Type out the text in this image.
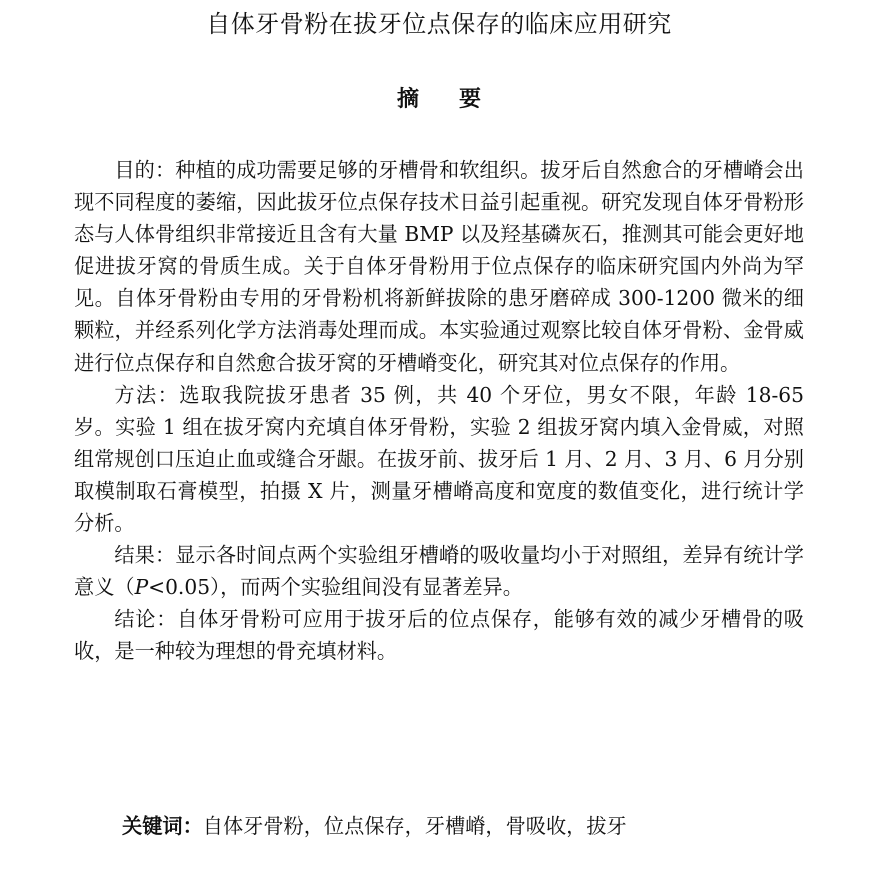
自体牙骨粉在拔牙位点保存的临床应用研究
摘要

目的：种植的成功需要足够的牙槽骨和软组织。拔牙后自然愈合的牙槽嵴会出现不同程度的萎缩，因此拔牙位点保存技术日益引起重视。研究发现自体牙骨粉形态与人体骨组织非常接近且含有大量 BMP 以及羟基磷灰石，推测其可能会更好地促进拔牙窝的骨质生成。关于自体牙骨粉用于位点保存的临床研究国内外尚为罕见。自体牙骨粉由专用的牙骨粉机将新鲜拔除的患牙磨碎成 300-1200 微米的细颗粒，并经系列化学方法消毒处理而成。本实验通过观察比较自体牙骨粉、金骨威进行位点保存和自然愈合拔牙窝的牙槽嵴变化，研究其对位点保存的作用。

方法：选取我院拔牙患者 35 例，共 40 个牙位，男女不限，年龄 18-65 岁。实验 1 组在拔牙窝内充填自体牙骨粉，实验 2 组拔牙窝内填入金骨威，对照组常规创口压迫止血或缝合牙龈。在拔牙前、拔牙后 1 月、2 月、3 月、6 月分别取模制取石膏模型，拍摄 X 片，测量牙槽嵴高度和宽度的数值变化，进行统计学分析。

结果：显示各时间点两个实验组牙槽嵴的吸收量均小于对照组，差异有统计学意义（P<0.05），而两个实验组间没有显著差异。

结论：自体牙骨粉可应用于拔牙后的位点保存，能够有效的减少牙槽骨的吸收，是一种较为理想的骨充填材料。

关键词：自体牙骨粉，位点保存，牙槽嵴，骨吸收，拔牙
